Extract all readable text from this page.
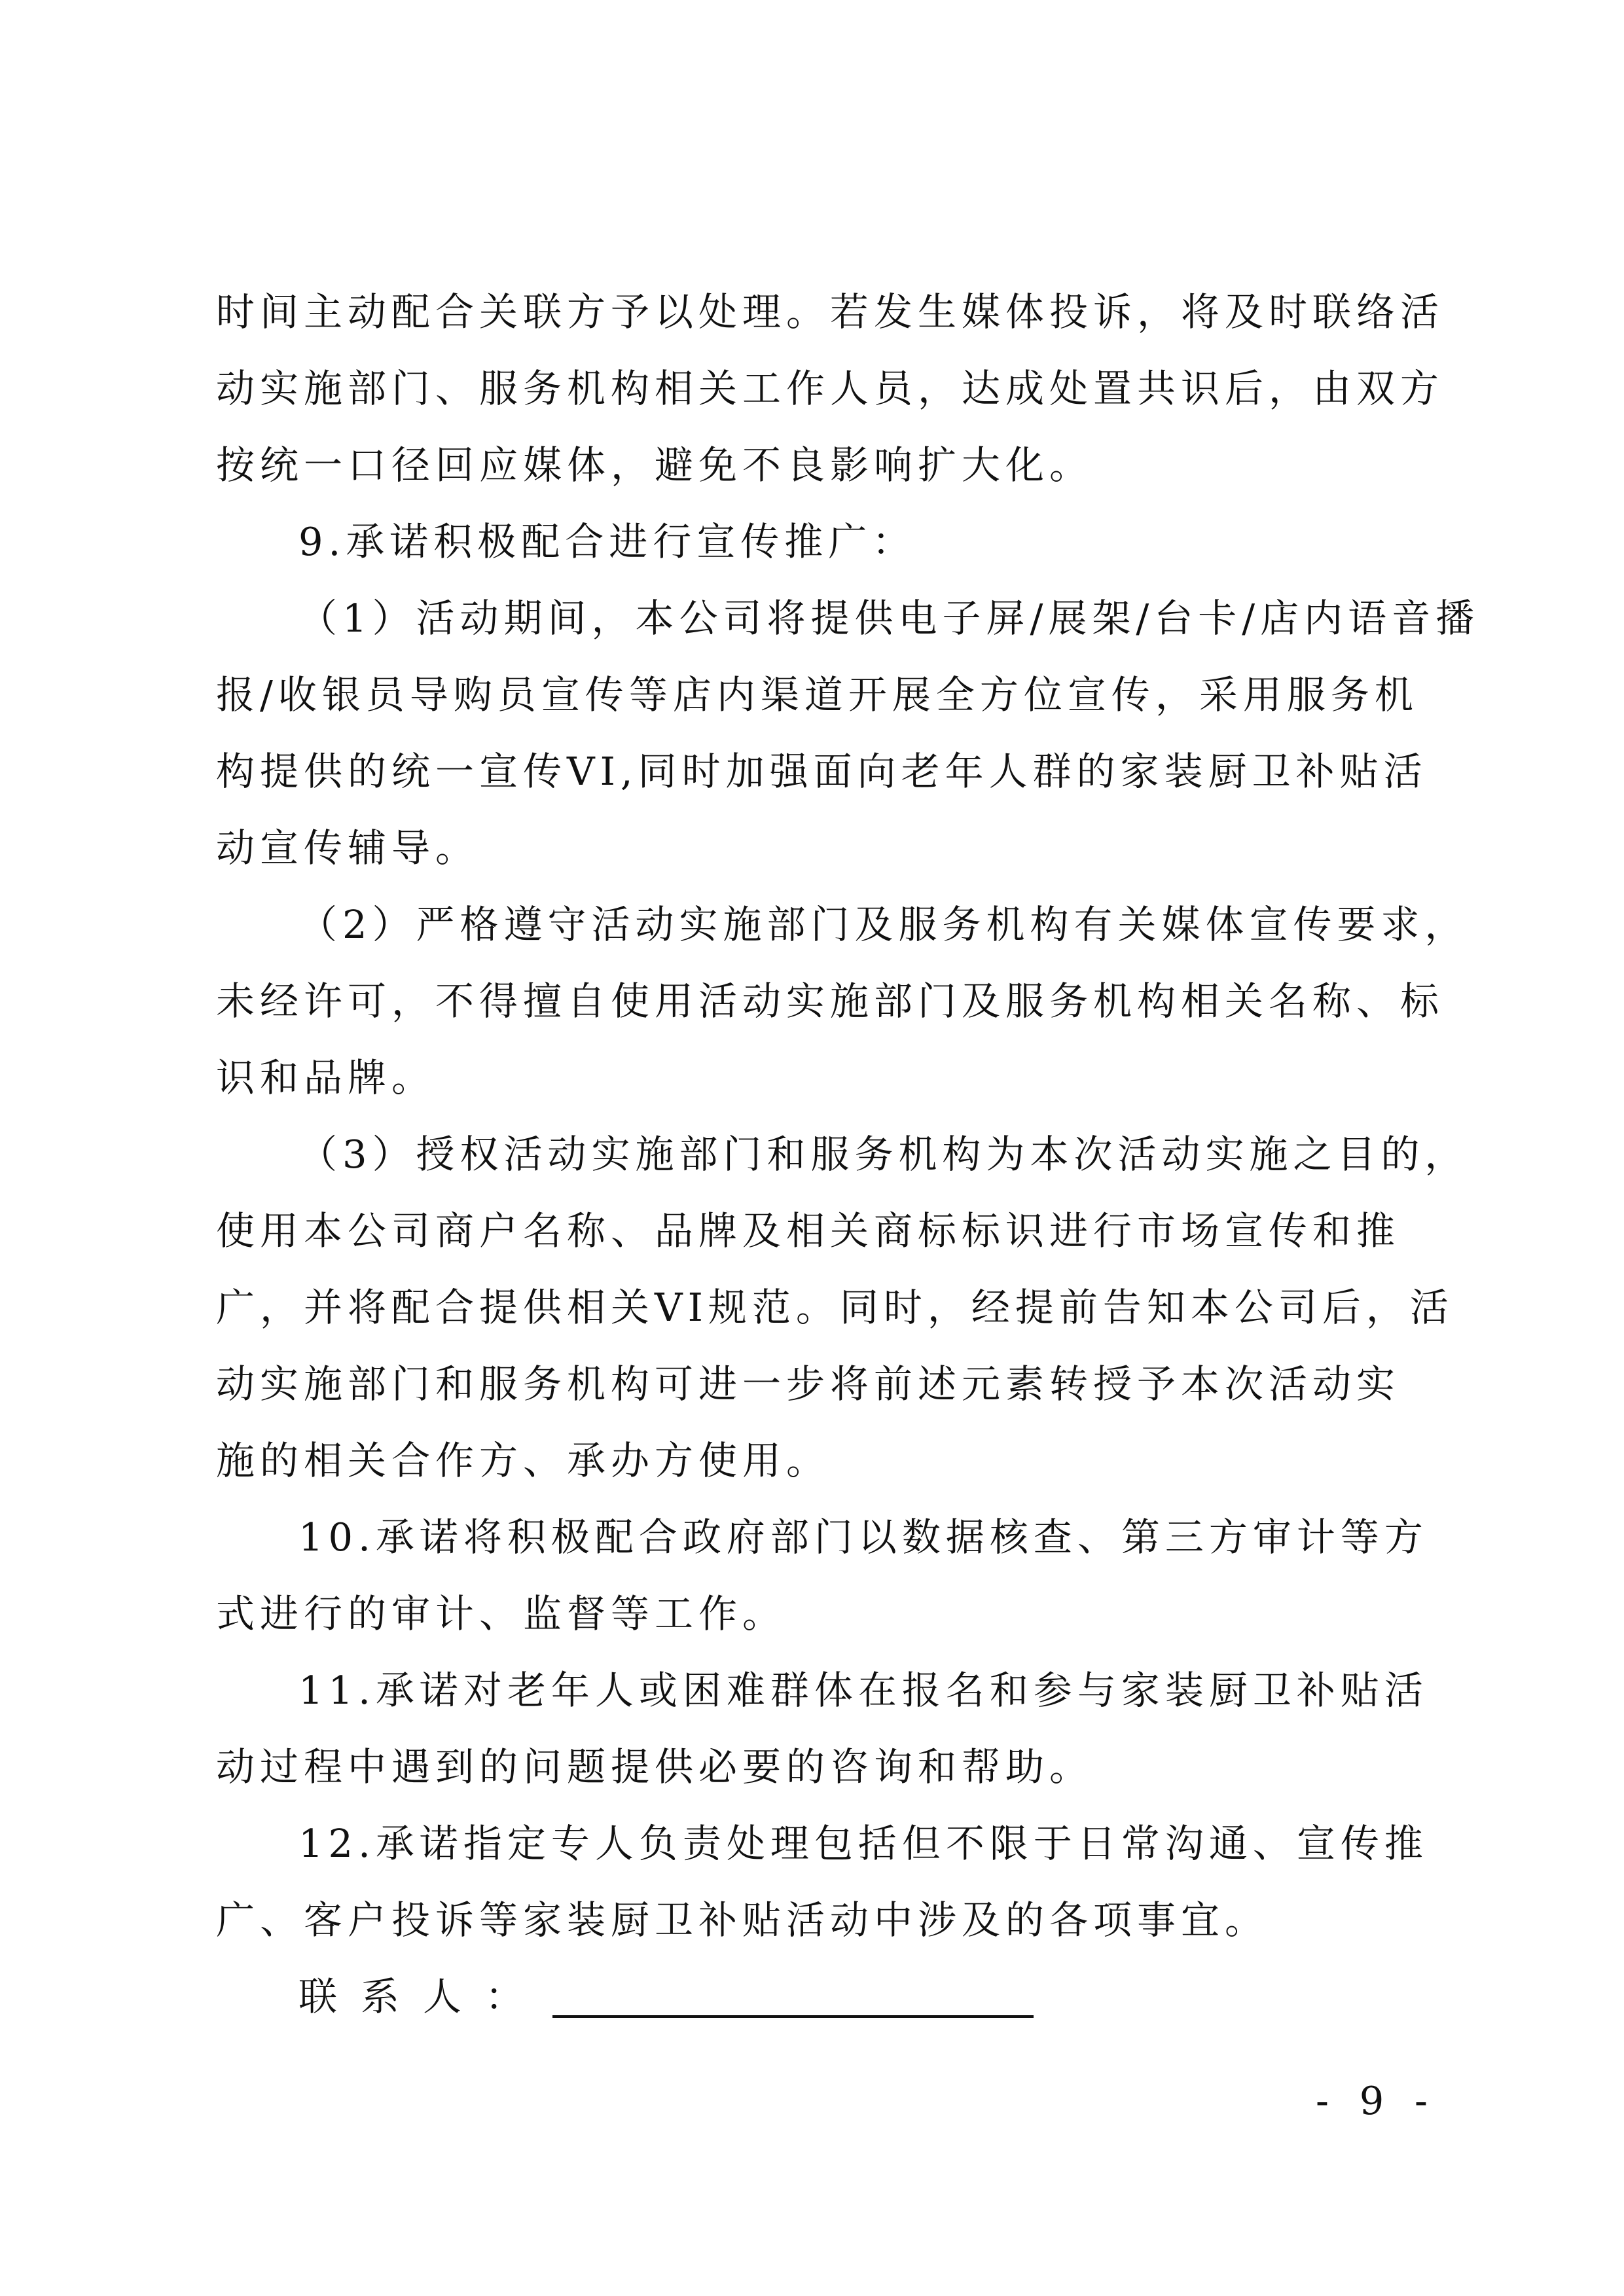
时间主动配合关联方予以处理。若发生媒体投诉，将及时联络活
动实施部门、服务机构相关工作人员，达成处置共识后，由双方
按统一口径回应媒体，避免不良影响扩大化。
9.承诺积极配合进行宣传推广：
（1）活动期间，本公司将提供电子屏/展架/台卡/店内语音播
报/收银员导购员宣传等店内渠道开展全方位宣传，采用服务机
构提供的统一宣传VI,同时加强面向老年人群的家装厨卫补贴活
动宣传辅导。
（2）严格遵守活动实施部门及服务机构有关媒体宣传要求，
未经许可，不得擅自使用活动实施部门及服务机构相关名称、标
识和品牌。
（3）授权活动实施部门和服务机构为本次活动实施之目的，
使用本公司商户名称、品牌及相关商标标识进行市场宣传和推
广，并将配合提供相关VI规范。同时，经提前告知本公司后，活
动实施部门和服务机构可进一步将前述元素转授予本次活动实
施的相关合作方、承办方使用。
10.承诺将积极配合政府部门以数据核查、第三方审计等方
式进行的审计、监督等工作。
11.承诺对老年人或困难群体在报名和参与家装厨卫补贴活
动过程中遇到的问题提供必要的咨询和帮助。
12.承诺指定专人负责处理包括但不限于日常沟通、宣传推
广、客户投诉等家装厨卫补贴活动中涉及的各项事宜。
联系人：
- 9 -
